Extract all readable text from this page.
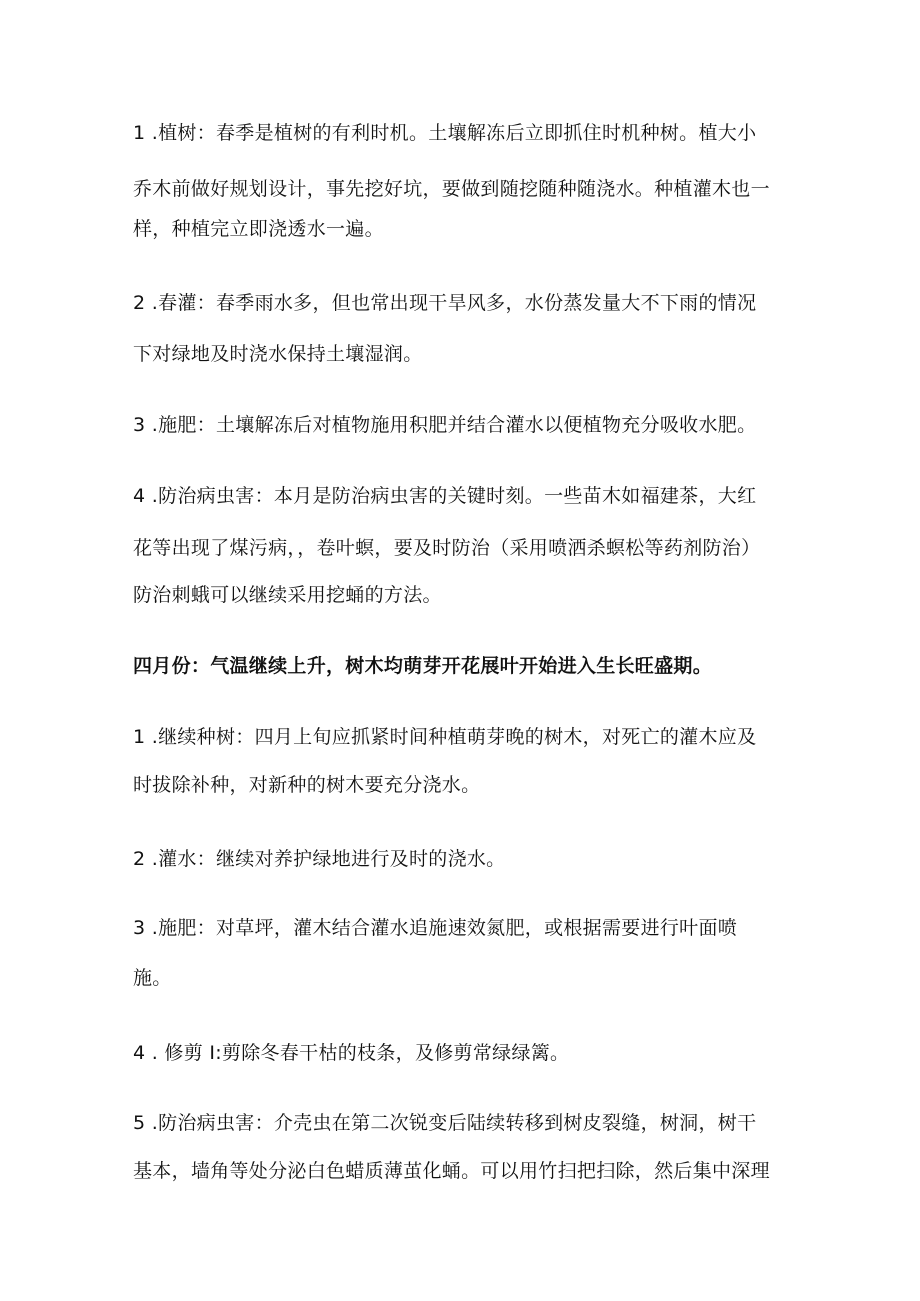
1 .植树：春季是植树的有利时机。土壤解冻后立即抓住时机种树。植大小
乔木前做好规划设计，事先挖好坑，要做到随挖随种随浇水。种植灌木也一
样，种植完立即浇透水一遍。
2 .春灌：春季雨水多，但也常出现干旱风多，水份蒸发量大不下雨的情况
下对绿地及时浇水保持土壤湿润。
3 .施肥：土壤解冻后对植物施用积肥并结合灌水以便植物充分吸收水肥。
4 .防治病虫害：本月是防治病虫害的关键时刻。一些苗木如福建茶，大红
花等出现了煤污病，，卷叶螟，要及时防治（采用喷洒杀螟松等药剂防治）
防治刺蛾可以继续采用挖蛹的方法。
四月份：气温继续上升，树木均萌芽开花展叶开始进入生长旺盛期。
1 .继续种树：四月上旬应抓紧时间种植萌芽晚的树木，对死亡的灌木应及
时拔除补种，对新种的树木要充分浇水。
2 .灌水：继续对养护绿地进行及时的浇水。
3 .施肥：对草坪，灌木结合灌水追施速效氮肥，或根据需要进行叶面喷
施。
4 . 修剪 I:剪除冬春干枯的枝条，及修剪常绿绿篱。
5 .防治病虫害：介壳虫在第二次锐变后陆续转移到树皮裂缝，树洞，树干
基本，墙角等处分泌白色蜡质薄茧化蛹。可以用竹扫把扫除，然后集中深理
